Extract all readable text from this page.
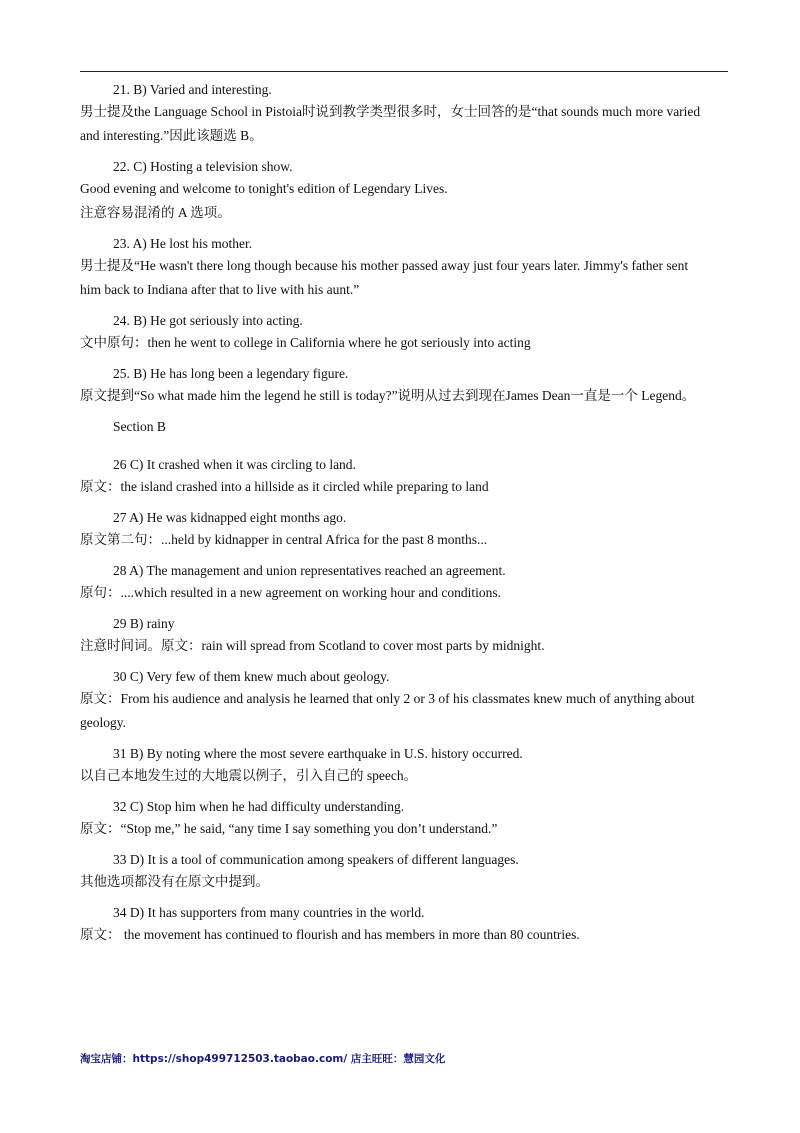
21. B) Varied and interesting.
男士提及the Language School in Pistoia时说到教学类型很多时，女士回答的是“that sounds much more varied
and interesting.”因此该题选 B。
22. C) Hosting a television show.
Good evening and welcome to tonight's edition of Legendary Lives.
注意容易混淆的 A 选项。
23. A) He lost his mother.
男士提及“He wasn't there long though because his mother passed away just four years later. Jimmy's father sent
him back to Indiana after that to live with his aunt.”
24. B) He got seriously into acting.
文中原句：then he went to college in California where he got seriously into acting
25. B) He has long been a legendary figure.
原文提到“So what made him the legend he still is today?”说明从过去到现在James Dean一直是一个 Legend。
Section B
26 C) It crashed when it was circling to land.
原文：the island crashed into a hillside as it circled while preparing to land
27 A) He was kidnapped eight months ago.
原文第二句：...held by kidnapper in central Africa for the past 8 months...
28 A) The management and union representatives reached an agreement.
原句：....which resulted in a new agreement on working hour and conditions.
29 B) rainy
注意时间词。原文：rain will spread from Scotland to cover most parts by midnight.
30 C) Very few of them knew much about geology.
原文：From his audience and analysis he learned that only 2 or 3 of his classmates knew much of anything about
geology.
31 B) By noting where the most severe earthquake in U.S. history occurred.
以自己本地发生过的大地震以例子，引入自己的 speech。
32 C) Stop him when he had difficulty understanding.
原文：“Stop me,” he said, “any time I say something you don’t understand.”
33 D) It is a tool of communication among speakers of different languages.
其他选项都没有在原文中提到。
34 D) It has supporters from many countries in the world.
原文： the movement has continued to flourish and has members in more than 80 countries.
淘宝店铺：https://shop499712503.taobao.com/ 店主旺旺：慧园文化
